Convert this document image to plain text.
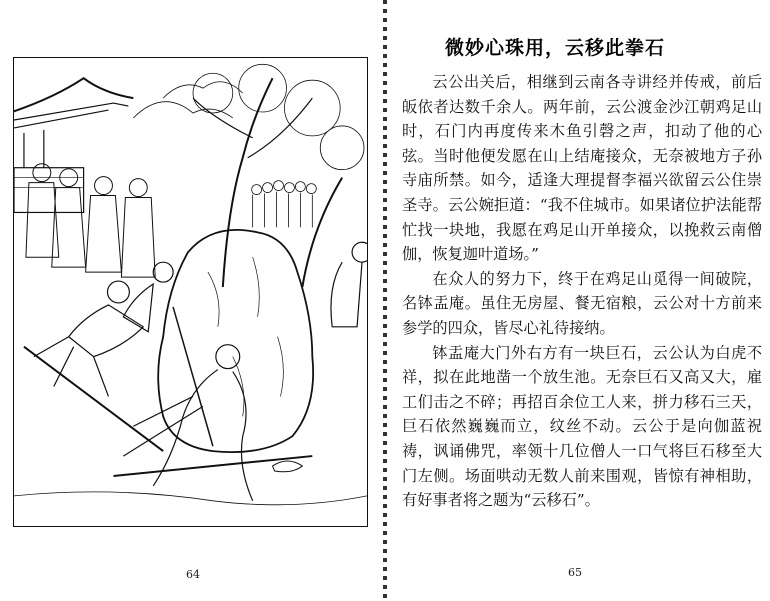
64
微妙心珠用，云移此拳石

云公出关后，相继到云南各寺讲经并传戒，前后皈依者达数千余人。两年前，云公渡金沙江朝鸡足山时，石门内再度传来木鱼引磬之声，扣动了他的心弦。当时他便发愿在山上结庵接众，无奈被地方子孙寺庙所禁。如今，适逢大理提督李福兴欲留云公住崇圣寺。云公婉拒道：“我不住城市。如果诸位护法能帮忙找一块地，我愿在鸡足山开单接众，以挽救云南僧伽，恢复迦叶道场。”

在众人的努力下，终于在鸡足山觅得一间破院，名钵盂庵。虽住无房屋、餐无宿粮，云公对十方前来参学的四众，皆尽心礼待接纳。

钵盂庵大门外右方有一块巨石，云公认为白虎不祥，拟在此地凿一个放生池。无奈巨石又高又大，雇工们击之不碎；再招百余位工人来，拼力移石三天，巨石依然巍巍而立，纹丝不动。云公于是向伽蓝祝祷，讽诵佛咒，率领十几位僧人一口气将巨石移至大门左侧。场面哄动无数人前来围观，皆惊有神相助，有好事者将之题为“云移石”。

65
